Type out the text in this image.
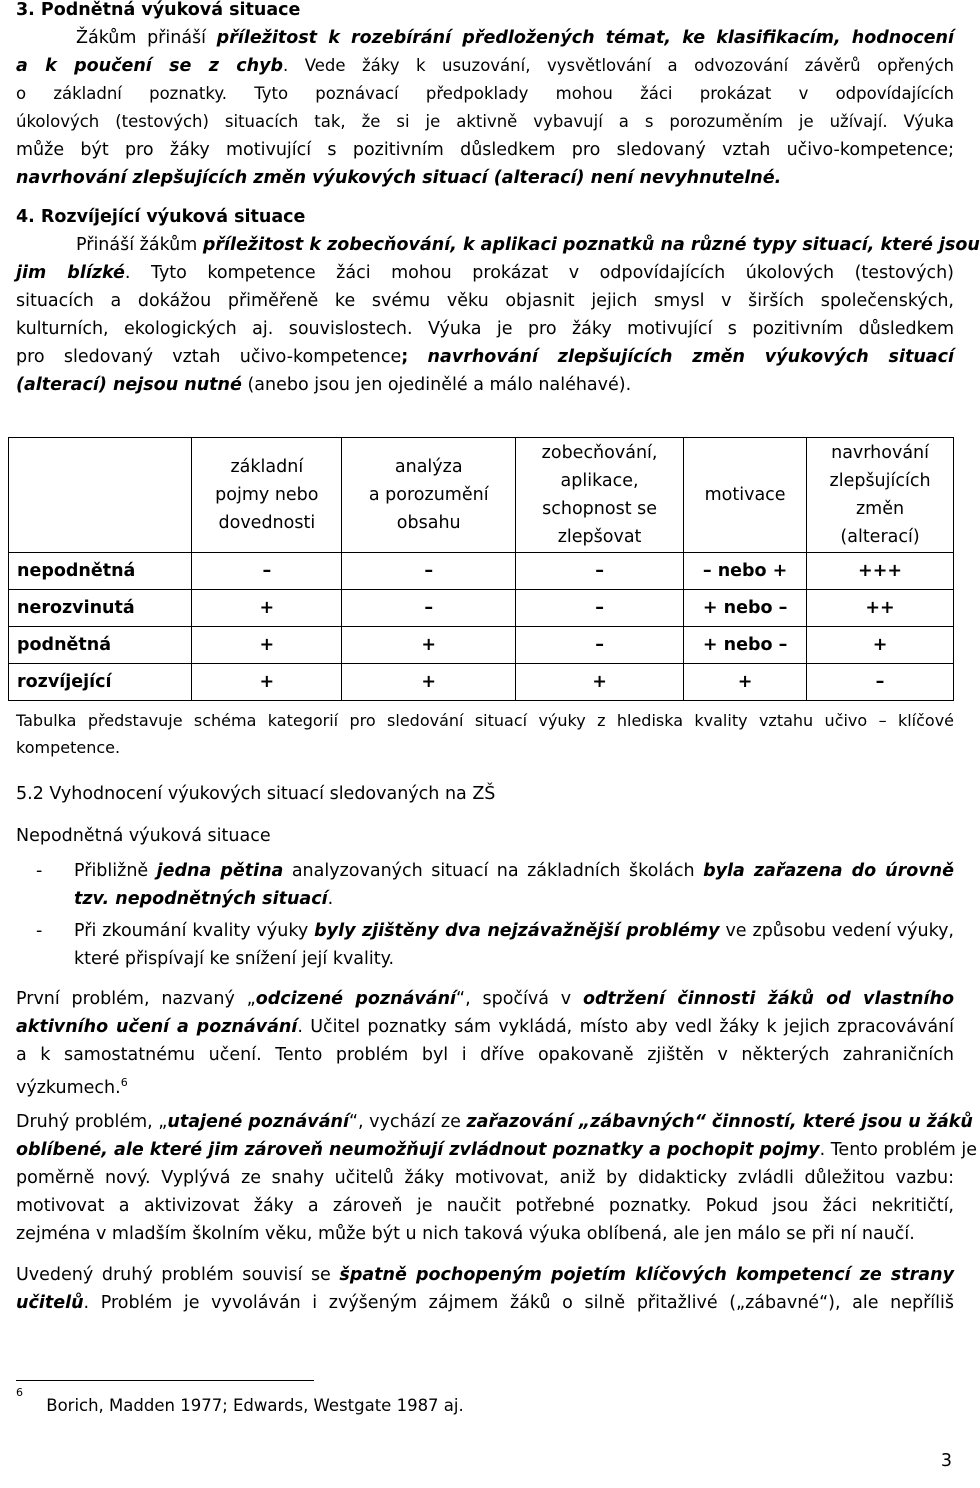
3. Podnětná výuková situace
Žákům přináší příležitost k rozebírání předložených témat, ke klasifikacím, hodnocení
a k poučení se z chyb. Vede žáky k usuzování, vysvětlování a odvozování závěrů opřených
o základní poznatky. Tyto poznávací předpoklady mohou žáci prokázat v odpovídajících
úkolových (testových) situacích tak, že si je aktivně vybavují a s porozuměním je užívají. Výuka
může být pro žáky motivující s pozitivním důsledkem pro sledovaný vztah učivo-kompetence;
navrhování zlepšujících změn výukových situací (alterací) není nevyhnutelné.
4. Rozvíjející výuková situace
Přináší žákům příležitost k zobecňování, k aplikaci poznatků na různé typy situací, které jsou
jim blízké. Tyto kompetence žáci mohou prokázat v odpovídajících úkolových (testových)
situacích a dokážou přiměřeně ke svému věku objasnit jejich smysl v širších společenských,
kulturních, ekologických aj. souvislostech. Výuka je pro žáky motivující s pozitivním důsledkem
pro sledovaný vztah učivo-kompetence; navrhování zlepšujících změn výukových situací
(alterací) nejsou nutné (anebo jsou jen ojedinělé a málo naléhavé).
	základní
pojmy nebo
dovednosti	analýza
a porozumění
obsahu	zobecňování,
aplikace,
schopnost se
zlepšovat	motivace	navrhování
zlepšujících
změn
(alterací)
nepodnětná	–	–	–	– nebo +	+++
nerozvinutá	+	–	–	+ nebo –	++
podnětná	+	+	–	+ nebo –	+
rozvíjející	+	+	+	+	–
Tabulka představuje schéma kategorií pro sledování situací výuky z hlediska kvality vztahu učivo – klíčové
kompetence.
5.2 Vyhodnocení výukových situací sledovaných na ZŠ
Nepodnětná výuková situace
- Přibližně jedna pětina analyzovaných situací na základních školách byla zařazena do úrovně
tzv. nepodnětných situací.
- Při zkoumání kvality výuky byly zjištěny dva nejzávažnější problémy ve způsobu vedení výuky,
které přispívají ke snížení její kvality.
První problém, nazvaný „odcizené poznávání“, spočívá v odtržení činnosti žáků od vlastního
aktivního učení a poznávání. Učitel poznatky sám vykládá, místo aby vedl žáky k jejich zpracovávání
a k samostatnému učení. Tento problém byl i dříve opakovaně zjištěn v některých zahraničních
výzkumech.$^6$
Druhý problém, „utajené poznávání“, vychází ze zařazování „zábavných“ činností, které jsou u žáků
oblíbené, ale které jim zároveň neumožňují zvládnout poznatky a pochopit pojmy. Tento problém je
poměrně nový. Vyplývá ze snahy učitelů žáky motivovat, aniž by didakticky zvládli důležitou vazbu:
motivovat a aktivizovat žáky a zároveň je naučit potřebné poznatky. Pokud jsou žáci nekritičtí,
zejména v mladším školním věku, může být u nich taková výuka oblíbená, ale jen málo se při ní naučí.
Uvedený druhý problém souvisí se špatně pochopeným pojetím klíčových kompetencí ze strany
učitelů. Problém je vyvoláván i zvýšeným zájmem žáků o silně přitažlivé („zábavné“), ale nepříliš
$^6$ Borich, Madden 1977; Edwards, Westgate 1987 aj.
3
